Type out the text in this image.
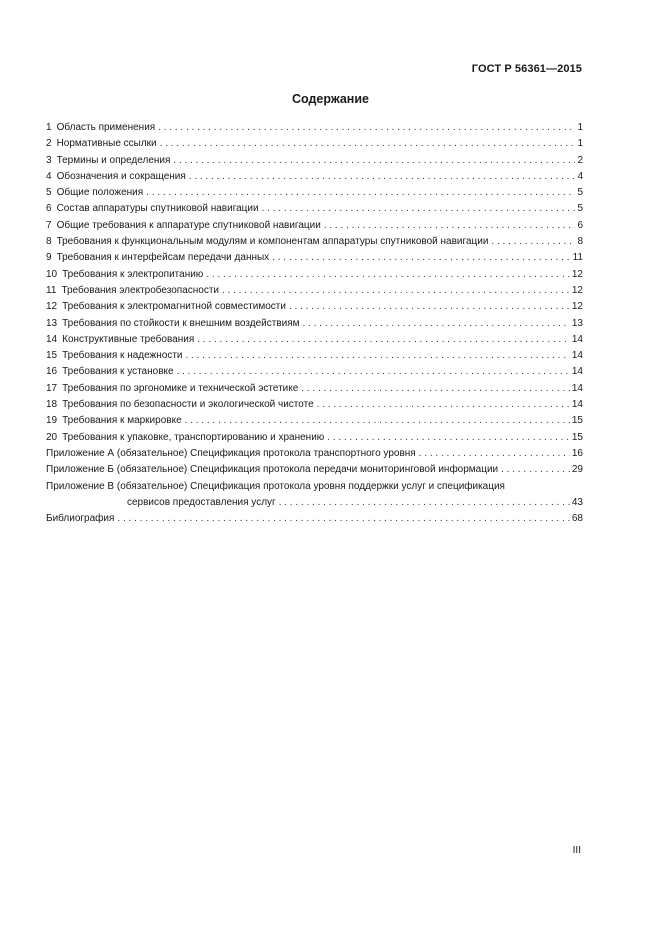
ГОСТ Р 56361—2015
Содержание
1 Область применения . . .	1
2 Нормативные ссылки . . .	1
3 Термины и определения . . .	2
4 Обозначения и сокращения . . .	4
5 Общие положения . . .	5
6 Состав аппаратуры спутниковой навигации . . .	5
7 Общие требования к аппаратуре спутниковой навигации . . .	6
8 Требования к функциональным модулям и компонентам аппаратуры спутниковой навигации . . .	8
9 Требования к интерфейсам передачи данных . . .	11
10 Требования к электропитанию . . .	12
11 Требования электробезопасности . . .	12
12 Требования к электромагнитной совместимости . . .	12
13 Требования по стойкости к внешним воздействиям . . .	13
14 Конструктивные требования . . .	14
15 Требования к надежности . . .	14
16 Требования к установке . . .	14
17 Требования по эргономике и технической эстетике . . .	14
18 Требования по безопасности и экологической чистоте . . .	14
19 Требования к маркировке . . .	15
20 Требования к упаковке, транспортированию и хранению . . .	15
Приложение А (обязательное) Спецификация протокола транспортного уровня . . .	16
Приложение Б (обязательное) Спецификация протокола передачи мониторинговой информации . . .	29
Приложение В (обязательное) Спецификация протокола уровня поддержки услуг и спецификация
сервисов предоставления услуг . . .	43
Библиография . . .	68
III
